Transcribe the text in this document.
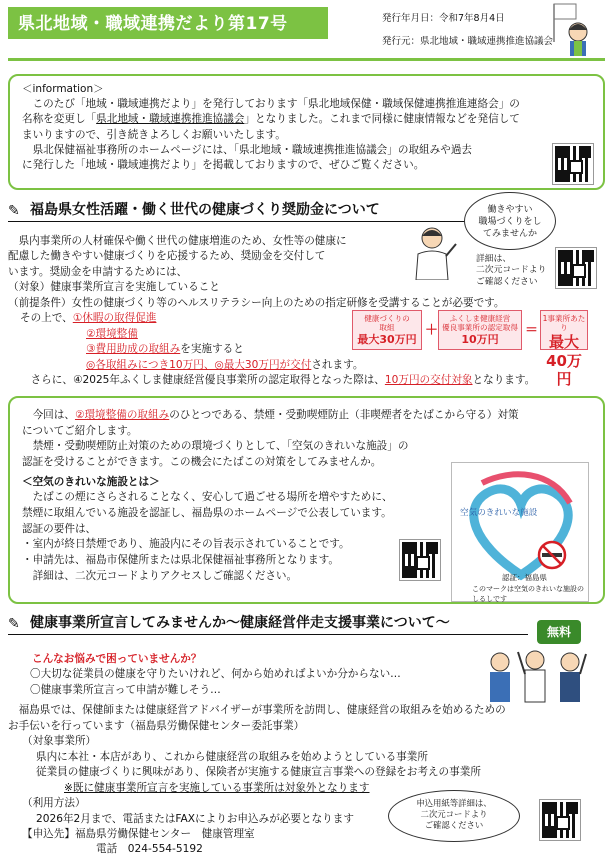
県北地域・職域連携だより第17号	発行年月日：令和7年8月4日
発行元：県北地域・職域連携推進協議会
＜information＞

このたび「地域・職域連携だより」を発行しております「県北地域保健・職域保健連携推進連絡会」の
名称を変更し「県北地域・職域連携推進協議会」となりました。これまで同様に健康情報などを発信して
まいりますので、引き続きよろしくお願いいたします。

県北保健福祉事務所のホームページには、「県北地域・職域連携推進協議会」の取組みや過去
に発行した「地域・職域連携だより」を掲載しておりますので、ぜひご覧ください。

✎ 福島県女性活躍・働く世代の健康づくり奨励金について	働きやすい
職場づくりをし
てみませんか
詳細は、
二次元コードより
ご確認ください

県内事業所の人材確保や働く世代の健康増進のため、女性等の健康に

配慮した働きやすい健康づくりを応援するため、奨励金を交付して

います。奨励金を申請するためには、

（対象）健康事業所宣言を実施していること

（前提条件）女性の健康づくり等のヘルスリテラシー向上のための指定研修を受講することが必要です。

その上で、①休暇の取得促進

②環境整備

③費用助成の取組みを実施すると

◎各取組みにつき10万円、◎最大30万円が交付されます。

さらに、④2025年ふくしま健康経営優良事業所の認定取得となった際は、10万円の交付対象となります。

健康づくりの
取組
最大30万円
＋
ふくしま健康経営
優良事業所の認定取得
10万円
＝
1事業所あたり
最大40万円

今回は、②環境整備の取組みのひとつである、禁煙・受動喫煙防止（非喫煙者をたばこから守る）対策

についてご紹介します。

禁煙・受動喫煙防止対策のための環境づくりとして、「空気のきれいな施設」の

認証を受けることができます。この機会にたばこの対策をしてみませんか。

＜空気のきれいな施設とは＞

たばこの煙にさらされることなく、安心して過ごせる場所を増やすために、

禁煙に取組んでいる施設を認証し、福島県のホームページで公表しています。

認証の要件は、

・室内が終日禁煙であり、施設内にその旨表示されていることです。

・申請先は、福島市保健所または県北保健福祉事務所となります。

詳細は、二次元コードよりアクセスしご確認ください。

空気のきれいな施設
認証：福島県
このマークは空気のきれいな施設のしるしです
✎ 健康事業所宣言してみませんか〜健康経営伴走支援事業について〜
無料

こんなお悩みで困っていませんか？

〇大切な従業員の健康を守りたいけれど、何から始めればよいか分からない…

〇健康事業所宣言って申請が難しそう…

福島県では、保健師または健康経営アドバイザーが事業所を訪問し、健康経営の取組みを始めるための

お手伝いを行っています（福島県労働保健センター委託事業）

（対象事業所）

県内に本社・本店があり、これから健康経営の取組みを始めようとしている事業所

従業員の健康づくりに興味があり、保険者が実施する健康宣言事業への登録をお考えの事業所

※既に健康事業所宣言を実施している事業所は対象外となります

（利用方法）

2026年2月まで、電話またはFAXによりお申込みが必要となります

【申込先】福島県労働保健センター　健康管理室

電話　024-554-5192

申込用紙等詳細は、
二次元コードより
ご確認ください
